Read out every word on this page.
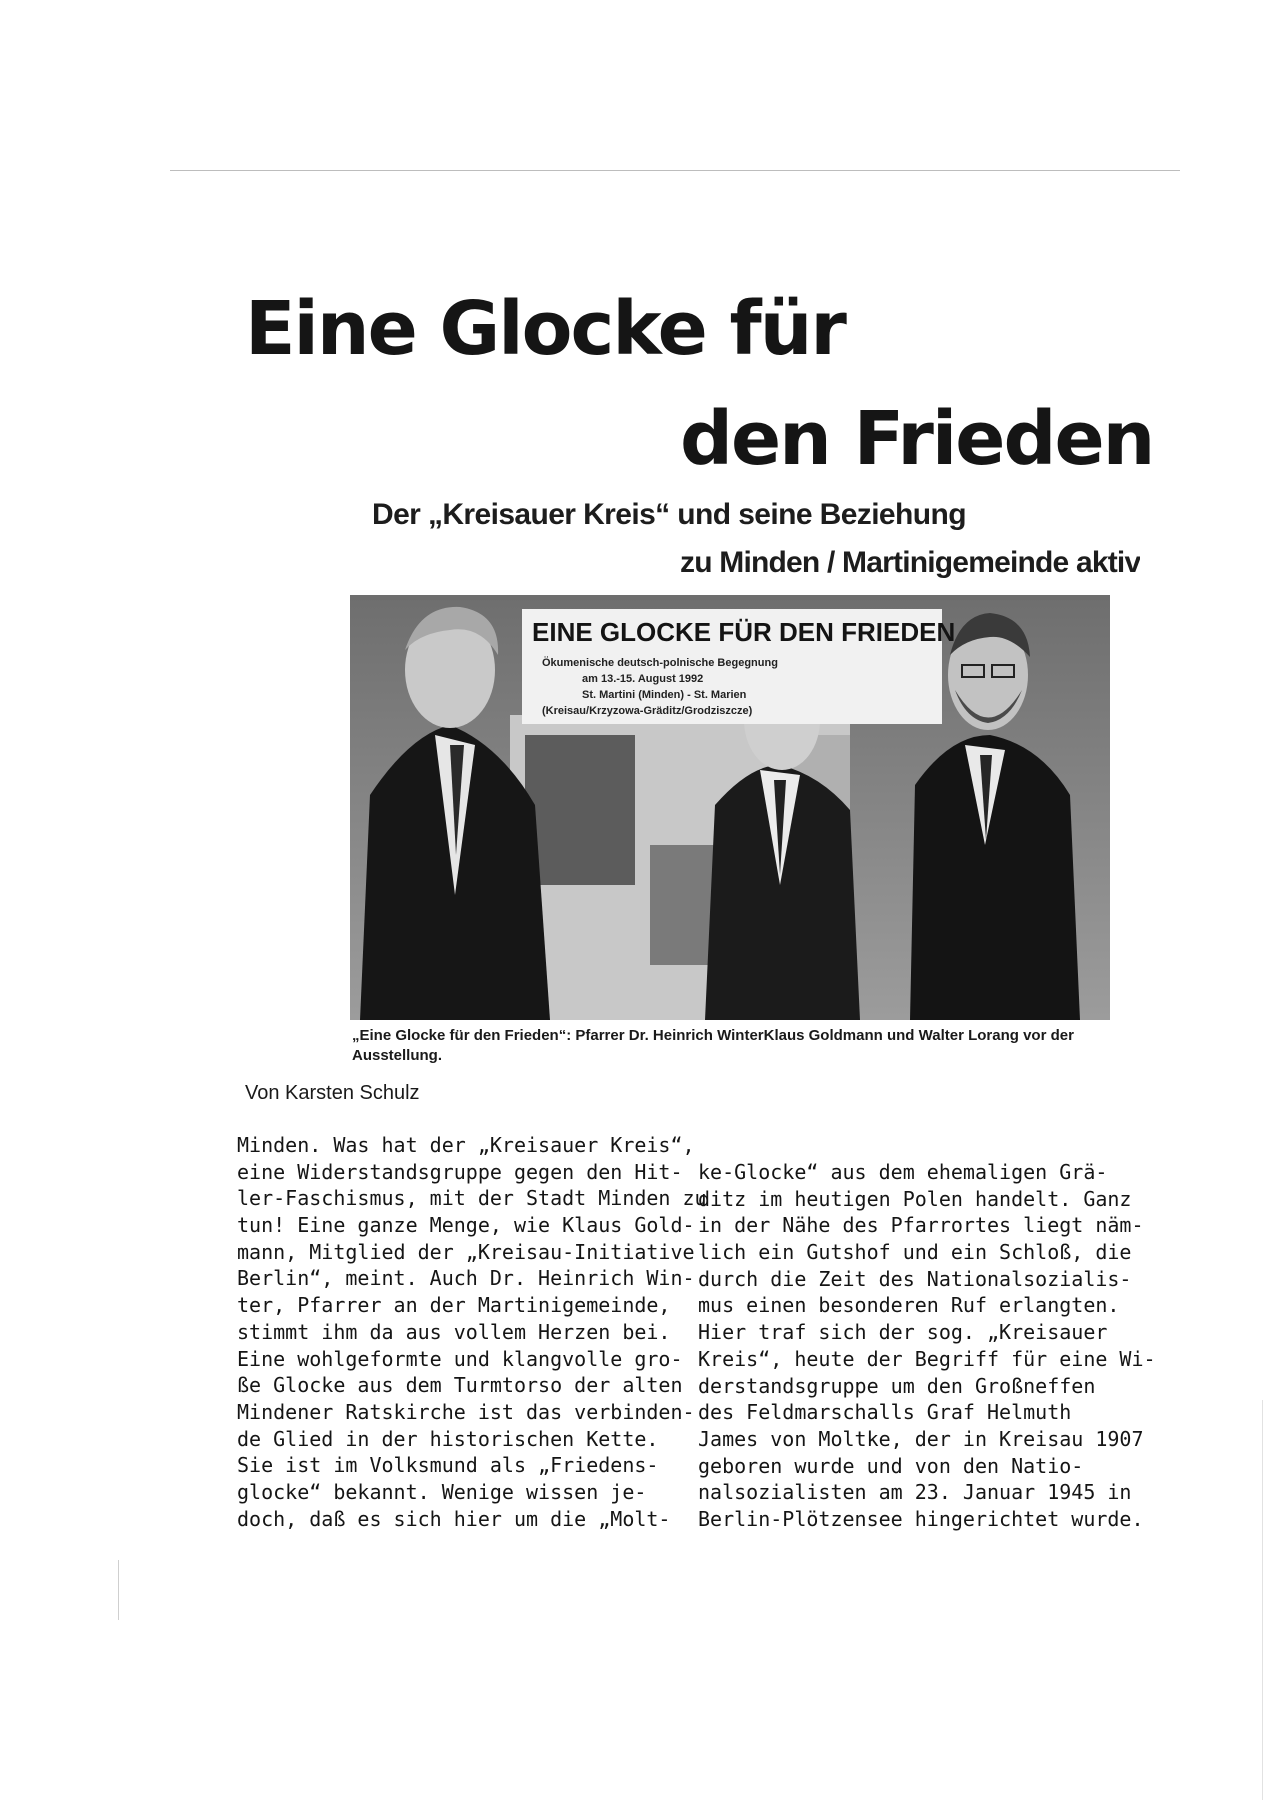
Eine Glocke für
den Frieden
Der „Kreisauer Kreis“ und seine Beziehung
zu Minden / Martinigemeinde aktiv
EINE GLOCKE FÜR DEN FRIEDEN
Ökumenische deutsch-polnische Begegnung
am 13.-15. August 1992
St. Martini (Minden) - St. Marien
(Kreisau/Krzyzowa-Gräditz/Grodziszcze)
„Eine Glocke für den Frieden“: Pfarrer Dr. Heinrich WinterKlaus Goldmann und Walter Lorang vor der Ausstellung.
Von Karsten Schulz
Minden. Was hat der „Kreisauer Kreis“,
eine Widerstandsgruppe gegen den Hit-
ler-Faschismus, mit der Stadt Minden zu
tun! Eine ganze Menge, wie Klaus Gold-
mann, Mitglied der „Kreisau-Initiative
Berlin“, meint. Auch Dr. Heinrich Win-
ter, Pfarrer an der Martinigemeinde,
stimmt ihm da aus vollem Herzen bei.
Eine wohlgeformte und klangvolle gro-
ße Glocke aus dem Turmtorso der alten
Mindener Ratskirche ist das verbinden-
de Glied in der historischen Kette.
Sie ist im Volksmund als „Friedens-
glocke“ bekannt. Wenige wissen je-
doch, daß es sich hier um die „Molt-
ke-Glocke“ aus dem ehemaligen Grä-
ditz im heutigen Polen handelt. Ganz
in der Nähe des Pfarrortes liegt näm-
lich ein Gutshof und ein Schloß, die
durch die Zeit des Nationalsozialis-
mus einen besonderen Ruf erlangten.
Hier traf sich der sog. „Kreisauer
Kreis“, heute der Begriff für eine Wi-
derstandsgruppe um den Großneffen
des Feldmarschalls Graf Helmuth
James von Moltke, der in Kreisau 1907
geboren wurde und von den Natio-
nalsozialisten am 23. Januar 1945 in
Berlin-Plötzensee hingerichtet wurde.
